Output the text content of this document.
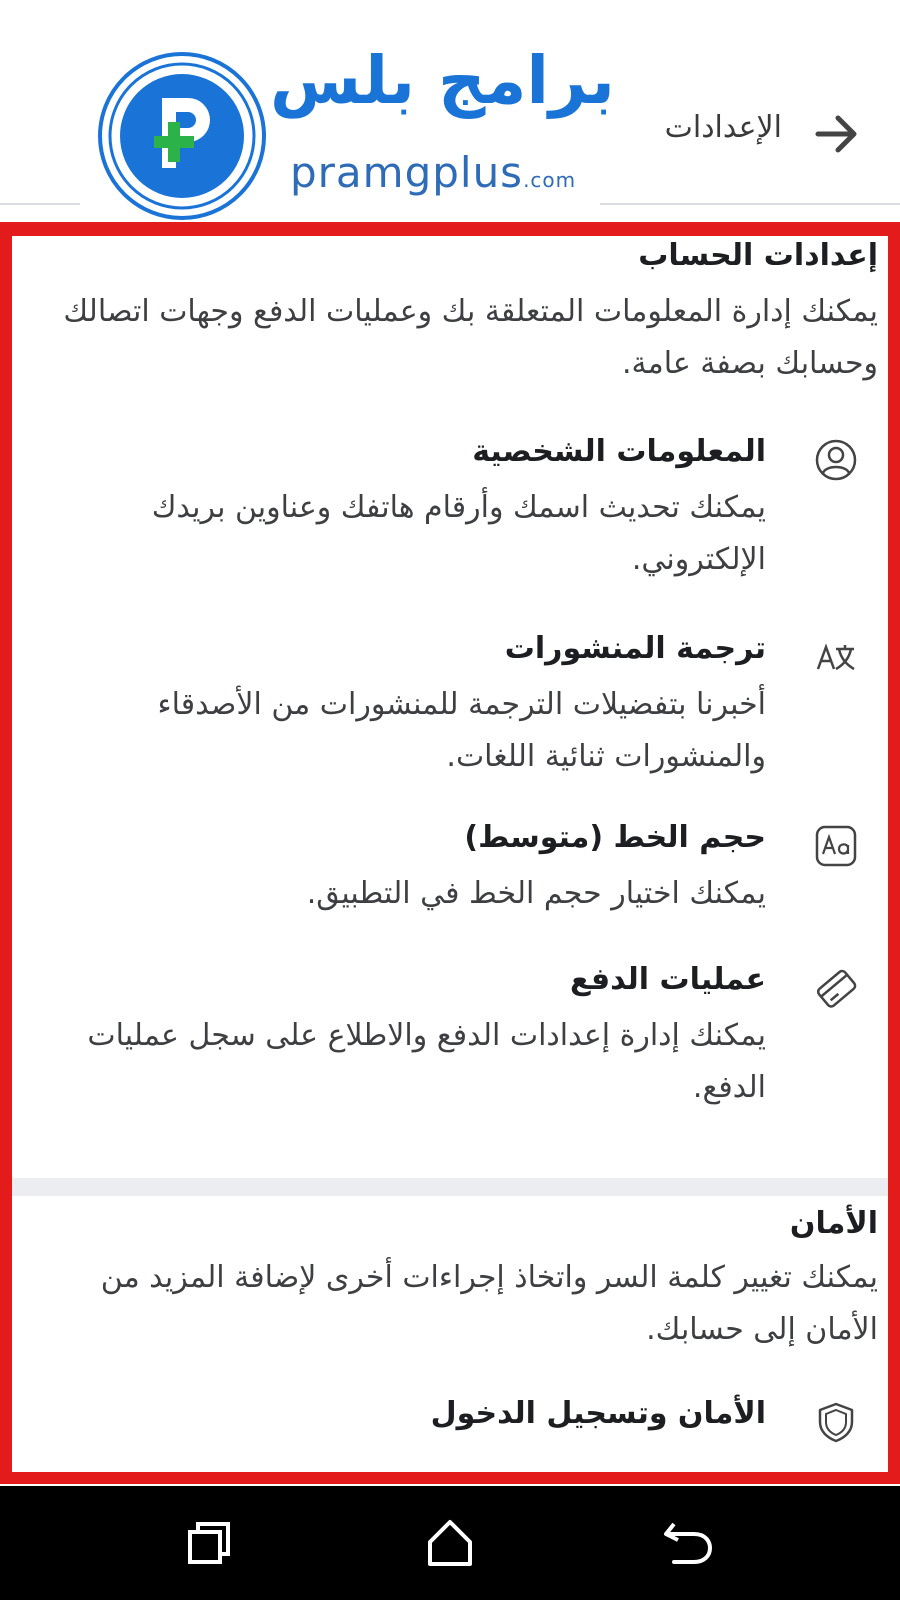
الإعدادات
برامج بلس
pramgplus.com
إعدادات الحساب
يمكنك إدارة المعلومات المتعلقة بك وعمليات الدفع وجهات اتصالك وحسابك بصفة عامة.
المعلومات الشخصية
يمكنك تحديث اسمك وأرقام هاتفك وعناوين بريدك الإلكتروني.
ترجمة المنشورات
أخبرنا بتفضيلات الترجمة للمنشورات من الأصدقاء والمنشورات ثنائية اللغات.
حجم الخط (متوسط)
يمكنك اختيار حجم الخط في التطبيق.
عمليات الدفع
يمكنك إدارة إعدادات الدفع والاطلاع على سجل عمليات الدفع.
الأمان
يمكنك تغيير كلمة السر واتخاذ إجراءات أخرى لإضافة المزيد من الأمان إلى حسابك.
الأمان وتسجيل الدخول
